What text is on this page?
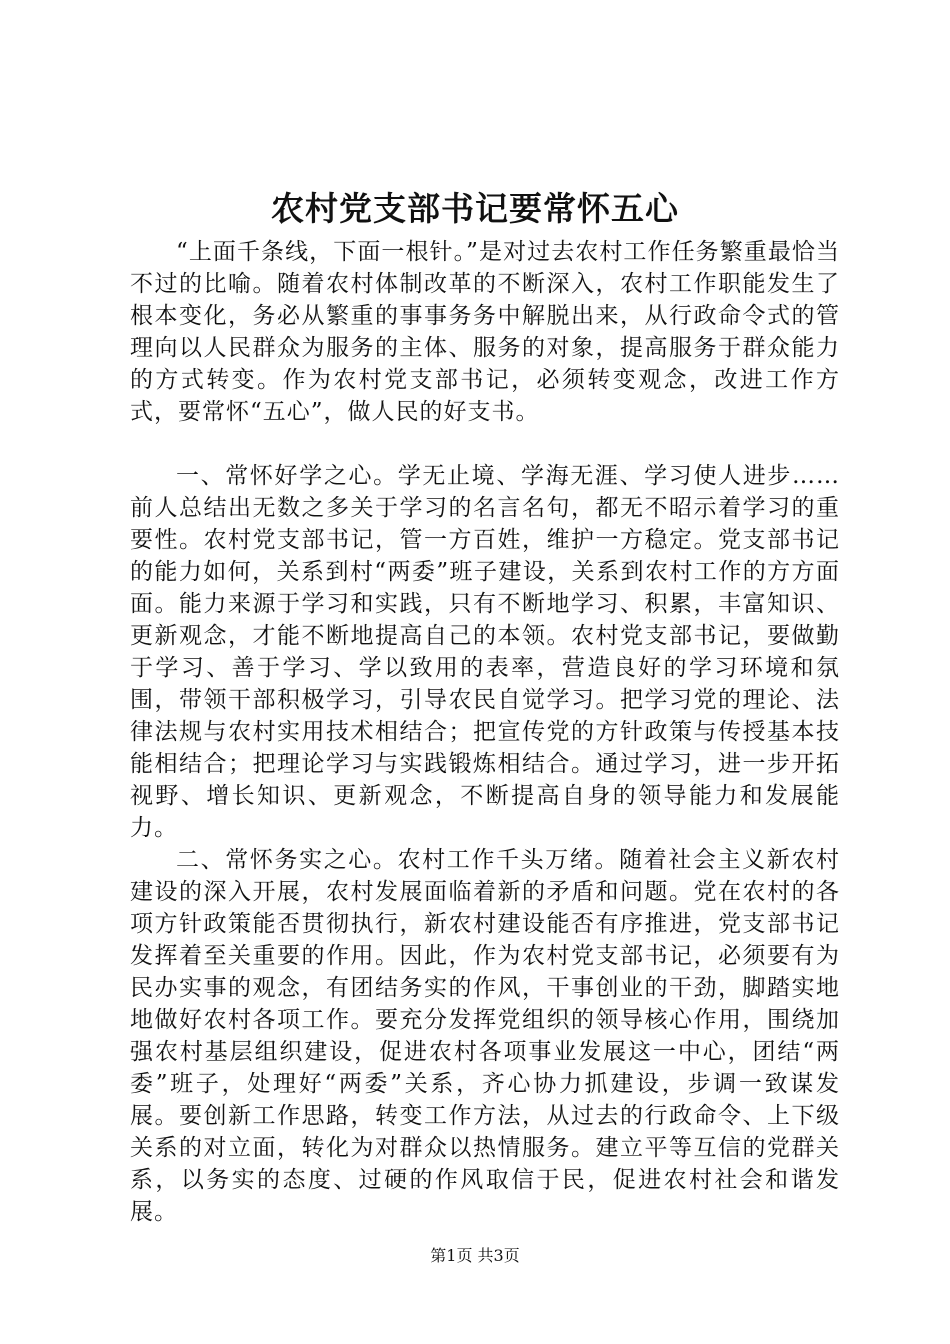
农村党支部书记要常怀五心

“上面千条线，下面一根针。”是对过去农村工作任务繁重最恰当不过的比喻。随着农村体制改革的不断深入，农村工作职能发生了根本变化，务必从繁重的事事务务中解脱出来，从行政命令式的管理向以人民群众为服务的主体、服务的对象，提高服务于群众能力的方式转变。作为农村党支部书记，必须转变观念，改进工作方式，要常怀“五心”，做人民的好支书。

一、常怀好学之心。学无止境、学海无涯、学习使人进步……前人总结出无数之多关于学习的名言名句，都无不昭示着学习的重要性。农村党支部书记，管一方百姓，维护一方稳定。党支部书记的能力如何，关系到村“两委”班子建设，关系到农村工作的方方面面。能力来源于学习和实践，只有不断地学习、积累，丰富知识、更新观念，才能不断地提高自己的本领。农村党支部书记，要做勤于学习、善于学习、学以致用的表率，营造良好的学习环境和氛围，带领干部积极学习，引导农民自觉学习。把学习党的理论、法律法规与农村实用技术相结合；把宣传党的方针政策与传授基本技能相结合；把理论学习与实践锻炼相结合。通过学习，进一步开拓视野、增长知识、更新观念，不断提高自身的领导能力和发展能力。

二、常怀务实之心。农村工作千头万绪。随着社会主义新农村建设的深入开展，农村发展面临着新的矛盾和问题。党在农村的各项方针政策能否贯彻执行，新农村建设能否有序推进，党支部书记发挥着至关重要的作用。因此，作为农村党支部书记，必须要有为民办实事的观念，有团结务实的作风，干事创业的干劲，脚踏实地地做好农村各项工作。要充分发挥党组织的领导核心作用，围绕加强农村基层组织建设，促进农村各项事业发展这一中心，团结“两委”班子，处理好“两委”关系，齐心协力抓建设，步调一致谋发展。要创新工作思路，转变工作方法，从过去的行政命令、上下级关系的对立面，转化为对群众以热情服务。建立平等互信的党群关系，以务实的态度、过硬的作风取信于民，促进农村社会和谐发展。

第1页 共3页
